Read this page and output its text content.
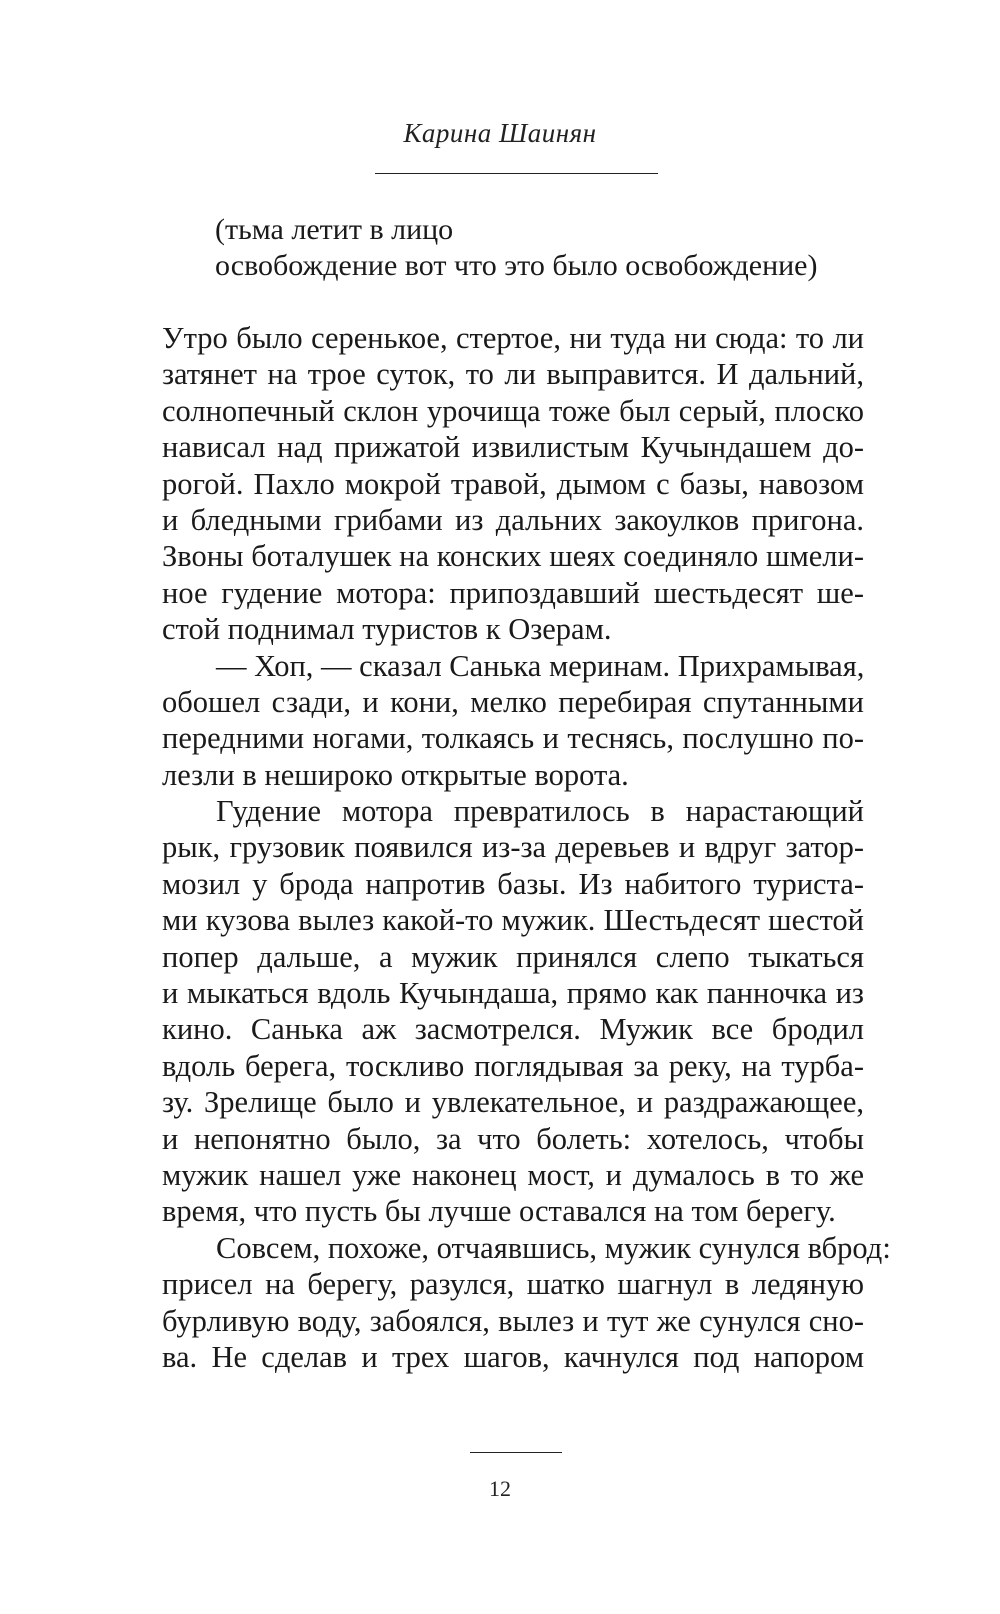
Карина Шаинян
(тьма летит в лицо
освобождение вот что это было освобождение)
Утро было серенькое, стертое, ни туда ни сюда: то ли
затянет на трое суток, то ли выправится. И дальний,
солнопечный склон урочища тоже был серый, плоско
нависал над прижатой извилистым Кучындашем до-
рогой. Пахло мокрой травой, дымом с базы, навозом
и бледными грибами из дальних закоулков пригона.
Звоны боталушек на конских шеях соединяло шмели-
ное гудение мотора: припоздавший шестьдесят ше-
стой поднимал туристов к Озерам.
— Хоп, — сказал Санька меринам. Прихрамывая,
обошел сзади, и кони, мелко перебирая спутанными
передними ногами, толкаясь и теснясь, послушно по-
лезли в неширoко открытые ворота.
Гудение мотора превратилось в нарастающий
рык, грузовик появился из-за деревьев и вдруг затор-
мозил у брода напротив базы. Из набитого туриста-
ми кузова вылез какой-то мужик. Шестьдесят шестой
попер дальше, а мужик принялся слепо тыкаться
и мыкаться вдоль Кучындаша, прямо как панночка из
кино. Санька аж засмотрелся. Мужик все бродил
вдоль берега, тоскливо поглядывая за реку, на турба-
зу. Зрелище было и увлекательное, и раздражающее,
и непонятно было, за что болеть: хотелось, чтобы
мужик нашел уже наконец мост, и думалось в то же
время, что пусть бы лучше оставался на том берегу.
Совсем, похоже, отчаявшись, мужик сунулся вброд:
присел на берегу, разулся, шатко шагнул в ледяную
бурливую воду, забоялся, вылез и тут же сунулся сно-
ва. Не сделав и трех шагов, качнулся под напором
12
